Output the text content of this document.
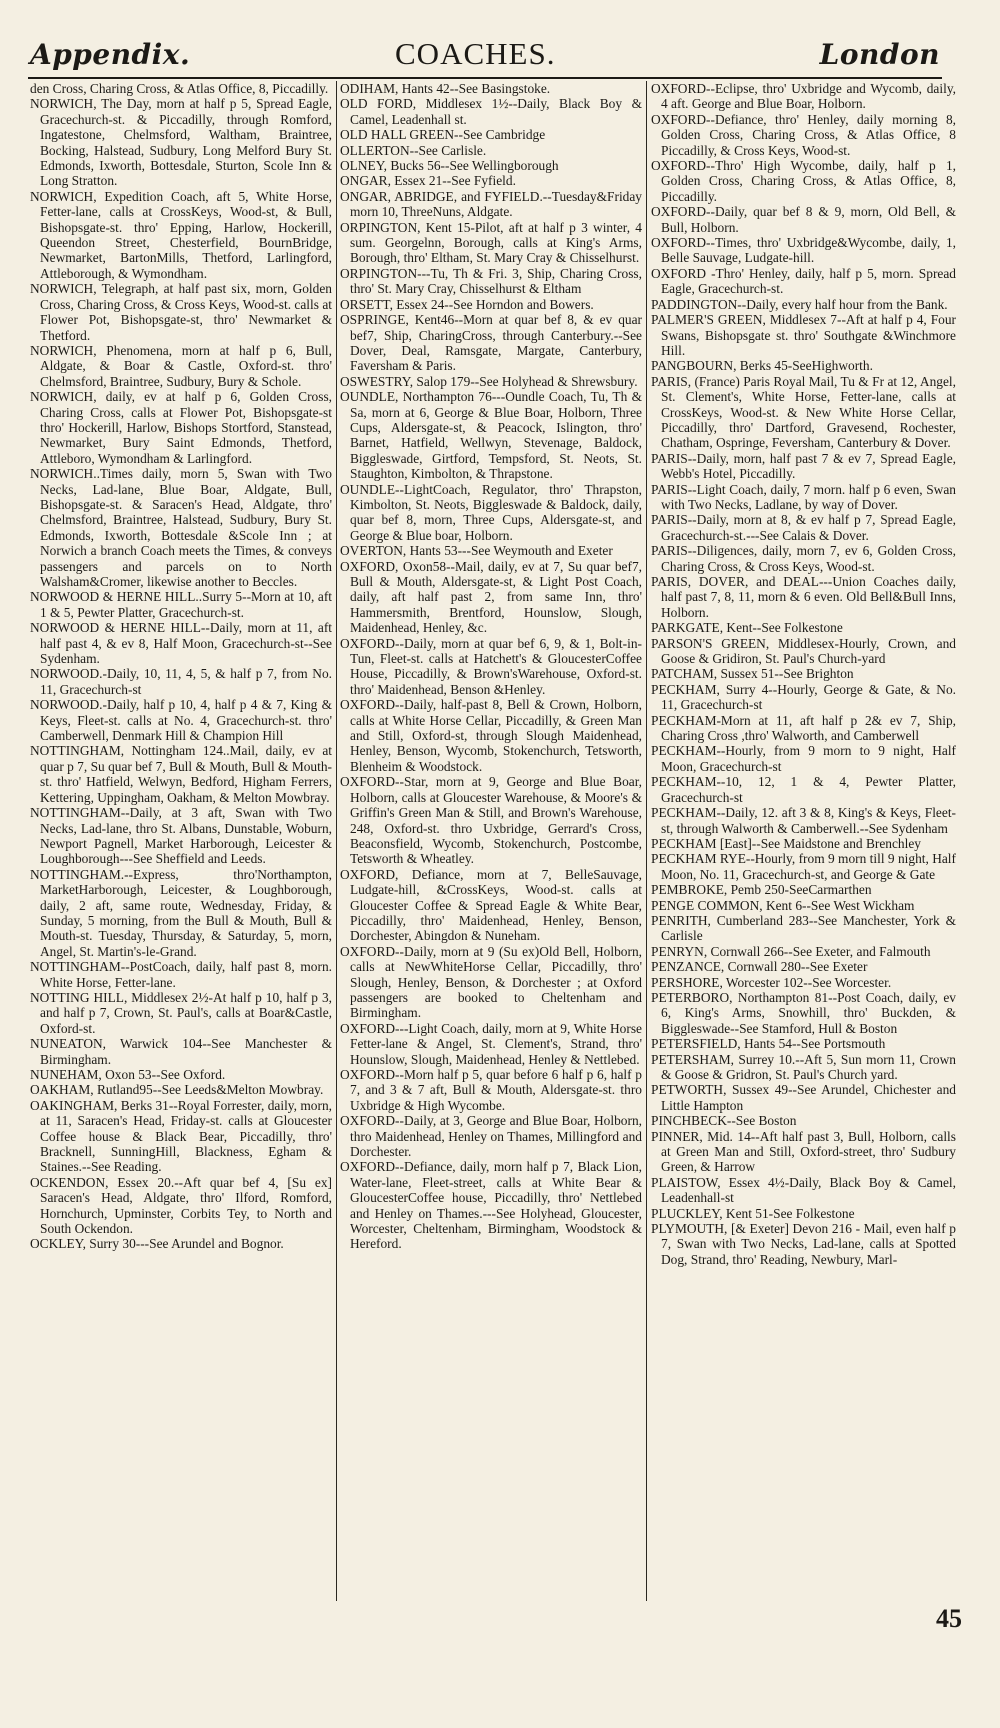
Appendix.	COACHES.	London

den Cross, Charing Cross, & Atlas Office, 8, Piccadilly.

NORWICH, The Day, morn at half p 5, Spread Eagle, Gracechurch-st. & Piccadilly, through Romford, Ingatestone, Chelmsford, Waltham, Braintree, Bocking, Halstead, Sudbury, Long Melford Bury St. Edmonds, Ixworth, Bottesdale, Sturton, Scole Inn & Long Stratton.

NORWICH, Expedition Coach, aft 5, White Horse, Fetter-lane, calls at CrossKeys, Wood-st, & Bull, Bishopsgate-st. thro' Epping, Harlow, Hockerill, Queendon Street, Chesterfield, BournBridge, Newmarket, BartonMills, Thetford, Larlingford, Attleborough, & Wymondham.

NORWICH, Telegraph, at half past six, morn, Golden Cross, Charing Cross, & Cross Keys, Wood-st. calls at Flower Pot, Bishopsgate-st, thro' Newmarket & Thetford.

NORWICH, Phenomena, morn at half p 6, Bull, Aldgate, & Boar & Castle, Oxford-st. thro' Chelmsford, Braintree, Sudbury, Bury & Schole.

NORWICH, daily, ev at half p 6, Golden Cross, Charing Cross, calls at Flower Pot, Bishopsgate-st thro' Hockerill, Harlow, Bishops Stortford, Stanstead, Newmarket, Bury Saint Edmonds, Thetford, Attleboro, Wymondham & Larlingford.

NORWICH..Times daily, morn 5, Swan with Two Necks, Lad-lane, Blue Boar, Aldgate, Bull, Bishopsgate-st. & Saracen's Head, Aldgate, thro' Chelmsford, Braintree, Halstead, Sudbury, Bury St. Edmonds, Ixworth, Bottesdale &Scole Inn ; at Norwich a branch Coach meets the Times, & conveys passengers and parcels on to North Walsham&Cromer, likewise another to Beccles.

NORWOOD & HERNE HILL..Surry 5--Morn at 10, aft 1 & 5, Pewter Platter, Gracechurch-st.

NORWOOD & HERNE HILL--Daily, morn at 11, aft half past 4, & ev 8, Half Moon, Gracechurch-st--See Sydenham.

NORWOOD.-Daily, 10, 11, 4, 5, & half p 7, from No. 11, Gracechurch-st

NORWOOD.-Daily, half p 10, 4, half p 4 & 7, King & Keys, Fleet-st. calls at No. 4, Gracechurch-st. thro' Camberwell, Denmark Hill & Champion Hill

NOTTINGHAM, Nottingham 124..Mail, daily, ev at quar p 7, Su quar bef 7, Bull & Mouth, Bull & Mouth-st. thro' Hatfield, Welwyn, Bedford, Higham Ferrers, Kettering, Uppingham, Oakham, & Melton Mowbray.

NOTTINGHAM--Daily, at 3 aft, Swan with Two Necks, Lad-lane, thro St. Albans, Dunstable, Woburn, Newport Pagnell, Market Harborough, Leicester & Loughborough---See Sheffield and Leeds.

NOTTINGHAM.--Express, thro'Northampton, MarketHarborough, Leicester, & Loughborough, daily, 2 aft, same route, Wednesday, Friday, & Sunday, 5 morning, from the Bull & Mouth, Bull & Mouth-st. Tuesday, Thursday, & Saturday, 5, morn, Angel, St. Martin's-le-Grand.

NOTTINGHAM--PostCoach, daily, half past 8, morn. White Horse, Fetter-lane.

NOTTING HILL, Middlesex 2½-At half p 10, half p 3, and half p 7, Crown, St. Paul's, calls at Boar&Castle, Oxford-st.

NUNEATON, Warwick 104--See Manchester & Birmingham.

NUNEHAM, Oxon 53--See Oxford.

OAKHAM, Rutland95--See Leeds&Melton Mowbray.

OAKINGHAM, Berks 31--Royal Forrester, daily, morn, at 11, Saracen's Head, Friday-st. calls at Gloucester Coffee house & Black Bear, Piccadilly, thro' Bracknell, SunningHill, Blackness, Egham & Staines.--See Reading.

OCKENDON, Essex 20.--Aft quar bef 4, [Su ex] Saracen's Head, Aldgate, thro' Ilford, Romford, Hornchurch, Upminster, Corbits Tey, to North and South Ockendon.

OCKLEY, Surry 30---See Arundel and Bognor.

ODIHAM, Hants 42--See Basingstoke.

OLD FORD, Middlesex 1½--Daily, Black Boy & Camel, Leadenhall st.

OLD HALL GREEN--See Cambridge

OLLERTON--See Carlisle.

OLNEY, Bucks 56--See Wellingborough

ONGAR, Essex 21--See Fyfield.

ONGAR, ABRIDGE, and FYFIELD.--Tuesday&Friday morn 10, ThreeNuns, Aldgate.

ORPINGTON, Kent 15-Pilot, aft at half p 3 winter, 4 sum. Georgelnn, Borough, calls at King's Arms, Borough, thro' Eltham, St. Mary Cray & Chisselhurst.

ORPINGTON---Tu, Th & Fri. 3, Ship, Charing Cross, thro' St. Mary Cray, Chisselhurst & Eltham

ORSETT, Essex 24--See Horndon and Bowers.

OSPRINGE, Kent46--Morn at quar bef 8, & ev quar bef7, Ship, CharingCross, through Canterbury.--See Dover, Deal, Ramsgate, Margate, Canterbury, Faversham & Paris.

OSWESTRY, Salop 179--See Holyhead & Shrewsbury.

OUNDLE, Northampton 76---Oundle Coach, Tu, Th & Sa, morn at 6, George & Blue Boar, Holborn, Three Cups, Aldersgate-st, & Peacock, Islington, thro' Barnet, Hatfield, Wellwyn, Stevenage, Baldock, Biggleswade, Girtford, Tempsford, St. Neots, St. Staughton, Kimbolton, & Thrapstone.

OUNDLE--LightCoach, Regulator, thro' Thrapston, Kimbolton, St. Neots, Biggleswade & Baldock, daily, quar bef 8, morn, Three Cups, Aldersgate-st, and George & Blue boar, Holborn.

OVERTON, Hants 53---See Weymouth and Exeter

OXFORD, Oxon58--Mail, daily, ev at 7, Su quar bef7, Bull & Mouth, Aldersgate-st, & Light Post Coach, daily, aft half past 2, from same Inn, thro' Hammersmith, Brentford, Hounslow, Slough, Maidenhead, Henley, &c.

OXFORD--Daily, morn at quar bef 6, 9, & 1, Bolt-in-Tun, Fleet-st. calls at Hatchett's & GloucesterCoffee House, Piccadilly, & Brown'sWarehouse, Oxford-st. thro' Maidenhead, Benson &Henley.

OXFORD--Daily, half-past 8, Bell & Crown, Holborn, calls at White Horse Cellar, Piccadilly, & Green Man and Still, Oxford-st, through Slough Maidenhead, Henley, Benson, Wycomb, Stokenchurch, Tetsworth, Blenheim & Woodstock.

OXFORD--Star, morn at 9, George and Blue Boar, Holborn, calls at Gloucester Warehouse, & Moore's & Griffin's Green Man & Still, and Brown's Warehouse, 248, Oxford-st. thro Uxbridge, Gerrard's Cross, Beaconsfield, Wycomb, Stokenchurch, Postcombe, Tetsworth & Wheatley.

OXFORD, Defiance, morn at 7, BelleSauvage, Ludgate-hill, &CrossKeys, Wood-st. calls at Gloucester Coffee & Spread Eagle & White Bear, Piccadilly, thro' Maidenhead, Henley, Benson, Dorchester, Abingdon & Nuneham.

OXFORD--Daily, morn at 9 (Su ex)Old Bell, Holborn, calls at NewWhiteHorse Cellar, Piccadilly, thro' Slough, Henley, Benson, & Dorchester ; at Oxford passengers are booked to Cheltenham and Birmingham.

OXFORD---Light Coach, daily, morn at 9, White Horse Fetter-lane & Angel, St. Clement's, Strand, thro' Hounslow, Slough, Maidenhead, Henley & Nettlebed.

OXFORD--Morn half p 5, quar before 6 half p 6, half p 7, and 3 & 7 aft, Bull & Mouth, Aldersgate-st. thro Uxbridge & High Wycombe.

OXFORD--Daily, at 3, George and Blue Boar, Holborn, thro Maidenhead, Henley on Thames, Millingford and Dorchester.

OXFORD--Defiance, daily, morn half p 7, Black Lion, Water-lane, Fleet-street, calls at White Bear & GloucesterCoffee house, Piccadilly, thro' Nettlebed and Henley on Thames.---See Holyhead, Gloucester, Worcester, Cheltenham, Birmingham, Woodstock & Hereford.

OXFORD--Eclipse, thro' Uxbridge and Wycomb, daily, 4 aft. George and Blue Boar, Holborn.

OXFORD--Defiance, thro' Henley, daily morning 8, Golden Cross, Charing Cross, & Atlas Office, 8 Piccadilly, & Cross Keys, Wood-st.

OXFORD--Thro' High Wycombe, daily, half p 1, Golden Cross, Charing Cross, & Atlas Office, 8, Piccadilly.

OXFORD--Daily, quar bef 8 & 9, morn, Old Bell, & Bull, Holborn.

OXFORD--Times, thro' Uxbridge&Wycombe, daily, 1, Belle Sauvage, Ludgate-hill.

OXFORD -Thro' Henley, daily, half p 5, morn. Spread Eagle, Gracechurch-st.

PADDINGTON--Daily, every half hour from the Bank.

PALMER'S GREEN, Middlesex 7--Aft at half p 4, Four Swans, Bishopsgate st. thro' Southgate &Winchmore Hill.

PANGBOURN, Berks 45-SeeHighworth.

PARIS, (France) Paris Royal Mail, Tu & Fr at 12, Angel, St. Clement's, White Horse, Fetter-lane, calls at CrossKeys, Wood-st. & New White Horse Cellar, Piccadilly, thro' Dartford, Gravesend, Rochester, Chatham, Ospringe, Feversham, Canterbury & Dover.

PARIS--Daily, morn, half past 7 & ev 7, Spread Eagle, Webb's Hotel, Piccadilly.

PARIS--Light Coach, daily, 7 morn. half p 6 even, Swan with Two Necks, Ladlane, by way of Dover.

PARIS--Daily, morn at 8, & ev half p 7, Spread Eagle, Gracechurch-st.---See Calais & Dover.

PARIS--Diligences, daily, morn 7, ev 6, Golden Cross, Charing Cross, & Cross Keys, Wood-st.

PARIS, DOVER, and DEAL---Union Coaches daily, half past 7, 8, 11, morn & 6 even. Old Bell&Bull Inns, Holborn.

PARKGATE, Kent--See Folkestone

PARSON'S GREEN, Middlesex-Hourly, Crown, and Goose & Gridiron, St. Paul's Church-yard

PATCHAM, Sussex 51--See Brighton

PECKHAM, Surry 4--Hourly, George & Gate, & No. 11, Gracechurch-st

PECKHAM-Morn at 11, aft half p 2& ev 7, Ship, Charing Cross ,thro' Walworth, and Camberwell

PECKHAM--Hourly, from 9 morn to 9 night, Half Moon, Gracechurch-st

PECKHAM--10, 12, 1 & 4, Pewter Platter, Gracechurch-st

PECKHAM--Daily, 12. aft 3 & 8, King's & Keys, Fleet-st, through Walworth & Camberwell.--See Sydenham

PECKHAM [East]--See Maidstone and Brenchley

PECKHAM RYE--Hourly, from 9 morn till 9 night, Half Moon, No. 11, Gracechurch-st, and George & Gate

PEMBROKE, Pemb 250-SeeCarmarthen

PENGE COMMON, Kent 6--See West Wickham

PENRITH, Cumberland 283--See Manchester, York & Carlisle

PENRYN, Cornwall 266--See Exeter, and Falmouth

PENZANCE, Cornwall 280--See Exeter

PERSHORE, Worcester 102--See Worcester.

PETERBORO, Northampton 81--Post Coach, daily, ev 6, King's Arms, Snowhill, thro' Buckden, & Biggleswade--See Stamford, Hull & Boston

PETERSFIELD, Hants 54--See Portsmouth

PETERSHAM, Surrey 10.--Aft 5, Sun morn 11, Crown & Goose & Gridron, St. Paul's Church yard.

PETWORTH, Sussex 49--See Arundel, Chichester and Little Hampton

PINCHBECK--See Boston

PINNER, Mid. 14--Aft half past 3, Bull, Holborn, calls at Green Man and Still, Oxford-street, thro' Sudbury Green, & Harrow

PLAISTOW, Essex 4½-Daily, Black Boy & Camel, Leadenhall-st

PLUCKLEY, Kent 51-See Folkestone

PLYMOUTH, [& Exeter] Devon 216 - Mail, even half p 7, Swan with Two Necks, Lad-lane, calls at Spotted Dog, Strand, thro' Reading, Newbury, Marl-

45
